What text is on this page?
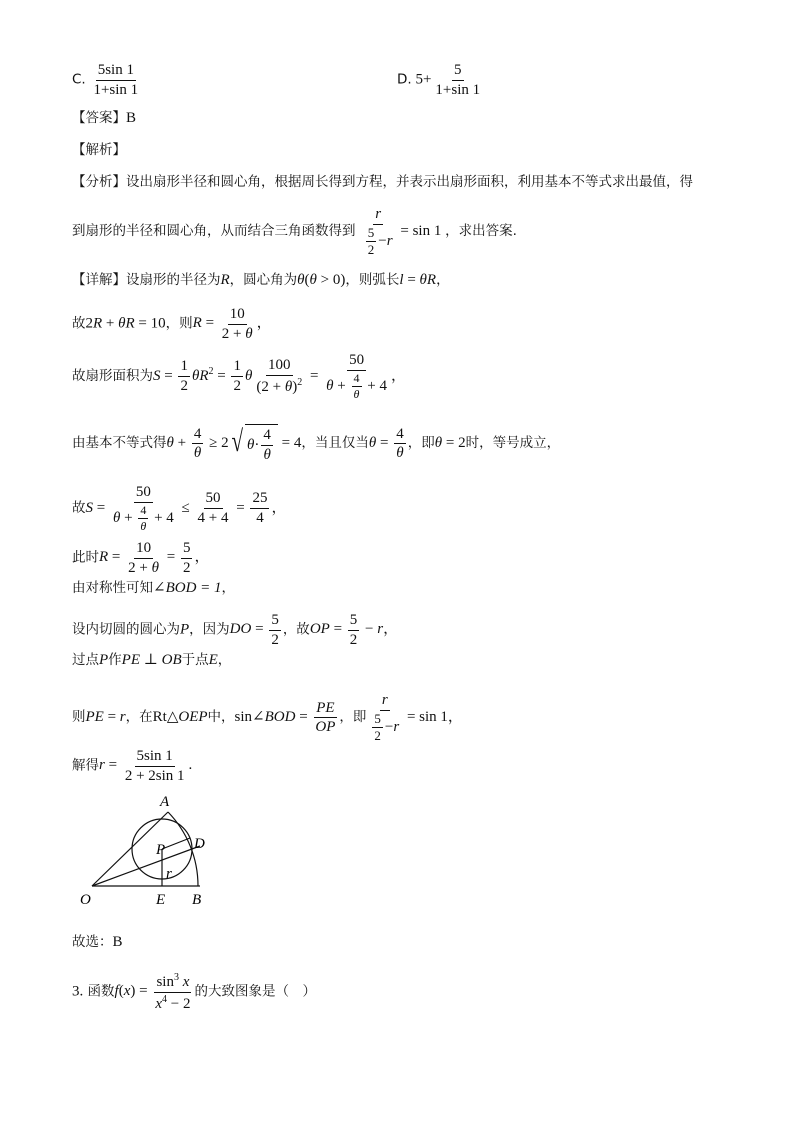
C. $\frac{5\sin 1}{1+\sin 1}$	D. $5+ \frac{5}{1+\sin 1}$
【答案】B
【解析】
【分析】设出扇形半径和圆心角，根据周长得到方程，并表示出扇形面积，利用基本不等式求出最值，得
到扇形的半径和圆心角，从而结合三角函数得到 $\frac{r}{\frac{5}{2} -r} = \sin 1$ ，求出答案.
【详解】设扇形的半径为R，圆心角为θ(θ > 0)，则弧长l = θR，
故2R + θR = 10，则$R = \frac{10}{2 + \theta}$ ，
故扇形面积为$S = \frac{1}{2} \theta R^2 = \frac{1}{2}$ θ $\frac{100}{(2 + \theta)^2} = \frac{50}{\theta + \frac{4}{\theta} + 4}$ ，
由基本不等式得$\theta + \frac{4}{\theta} \ge 2$ √ $\theta \cdot \frac{4}{\theta} = 4$，当且仅当$\theta = \frac{4}{\theta}$ ，即θ = 2时，等号成立，
故$S = \frac{50}{\theta + \frac{4}{\theta} + 4} \le \frac{50}{4 + 4} = \frac{25}{4}$ ，
此时$R = \frac{10}{2 + \theta} = \frac{5}{2}$ ，
由对称性可知∠BOD = 1，
设内切圆的圆心为P，因为DO = $\frac{5}{2}$ ，故OP = $\frac{5}{2} - r$，
过点P作PE ⊥ OB于点E，
则PE = r，在Rt△OEP中，sin∠BOD = $\frac{PE}{OP}$ ，即 $\frac{r}{\frac{5}{2} -r} = \sin 1$，
解得$r = \frac{5\sin 1}{2 + 2\sin 1}$ .
A
D
P
r
O	E B
故选：B
3. 函数$f(x) = \frac{\sin^3 x}{x^4 - 2}$ 的大致图象是（　）
